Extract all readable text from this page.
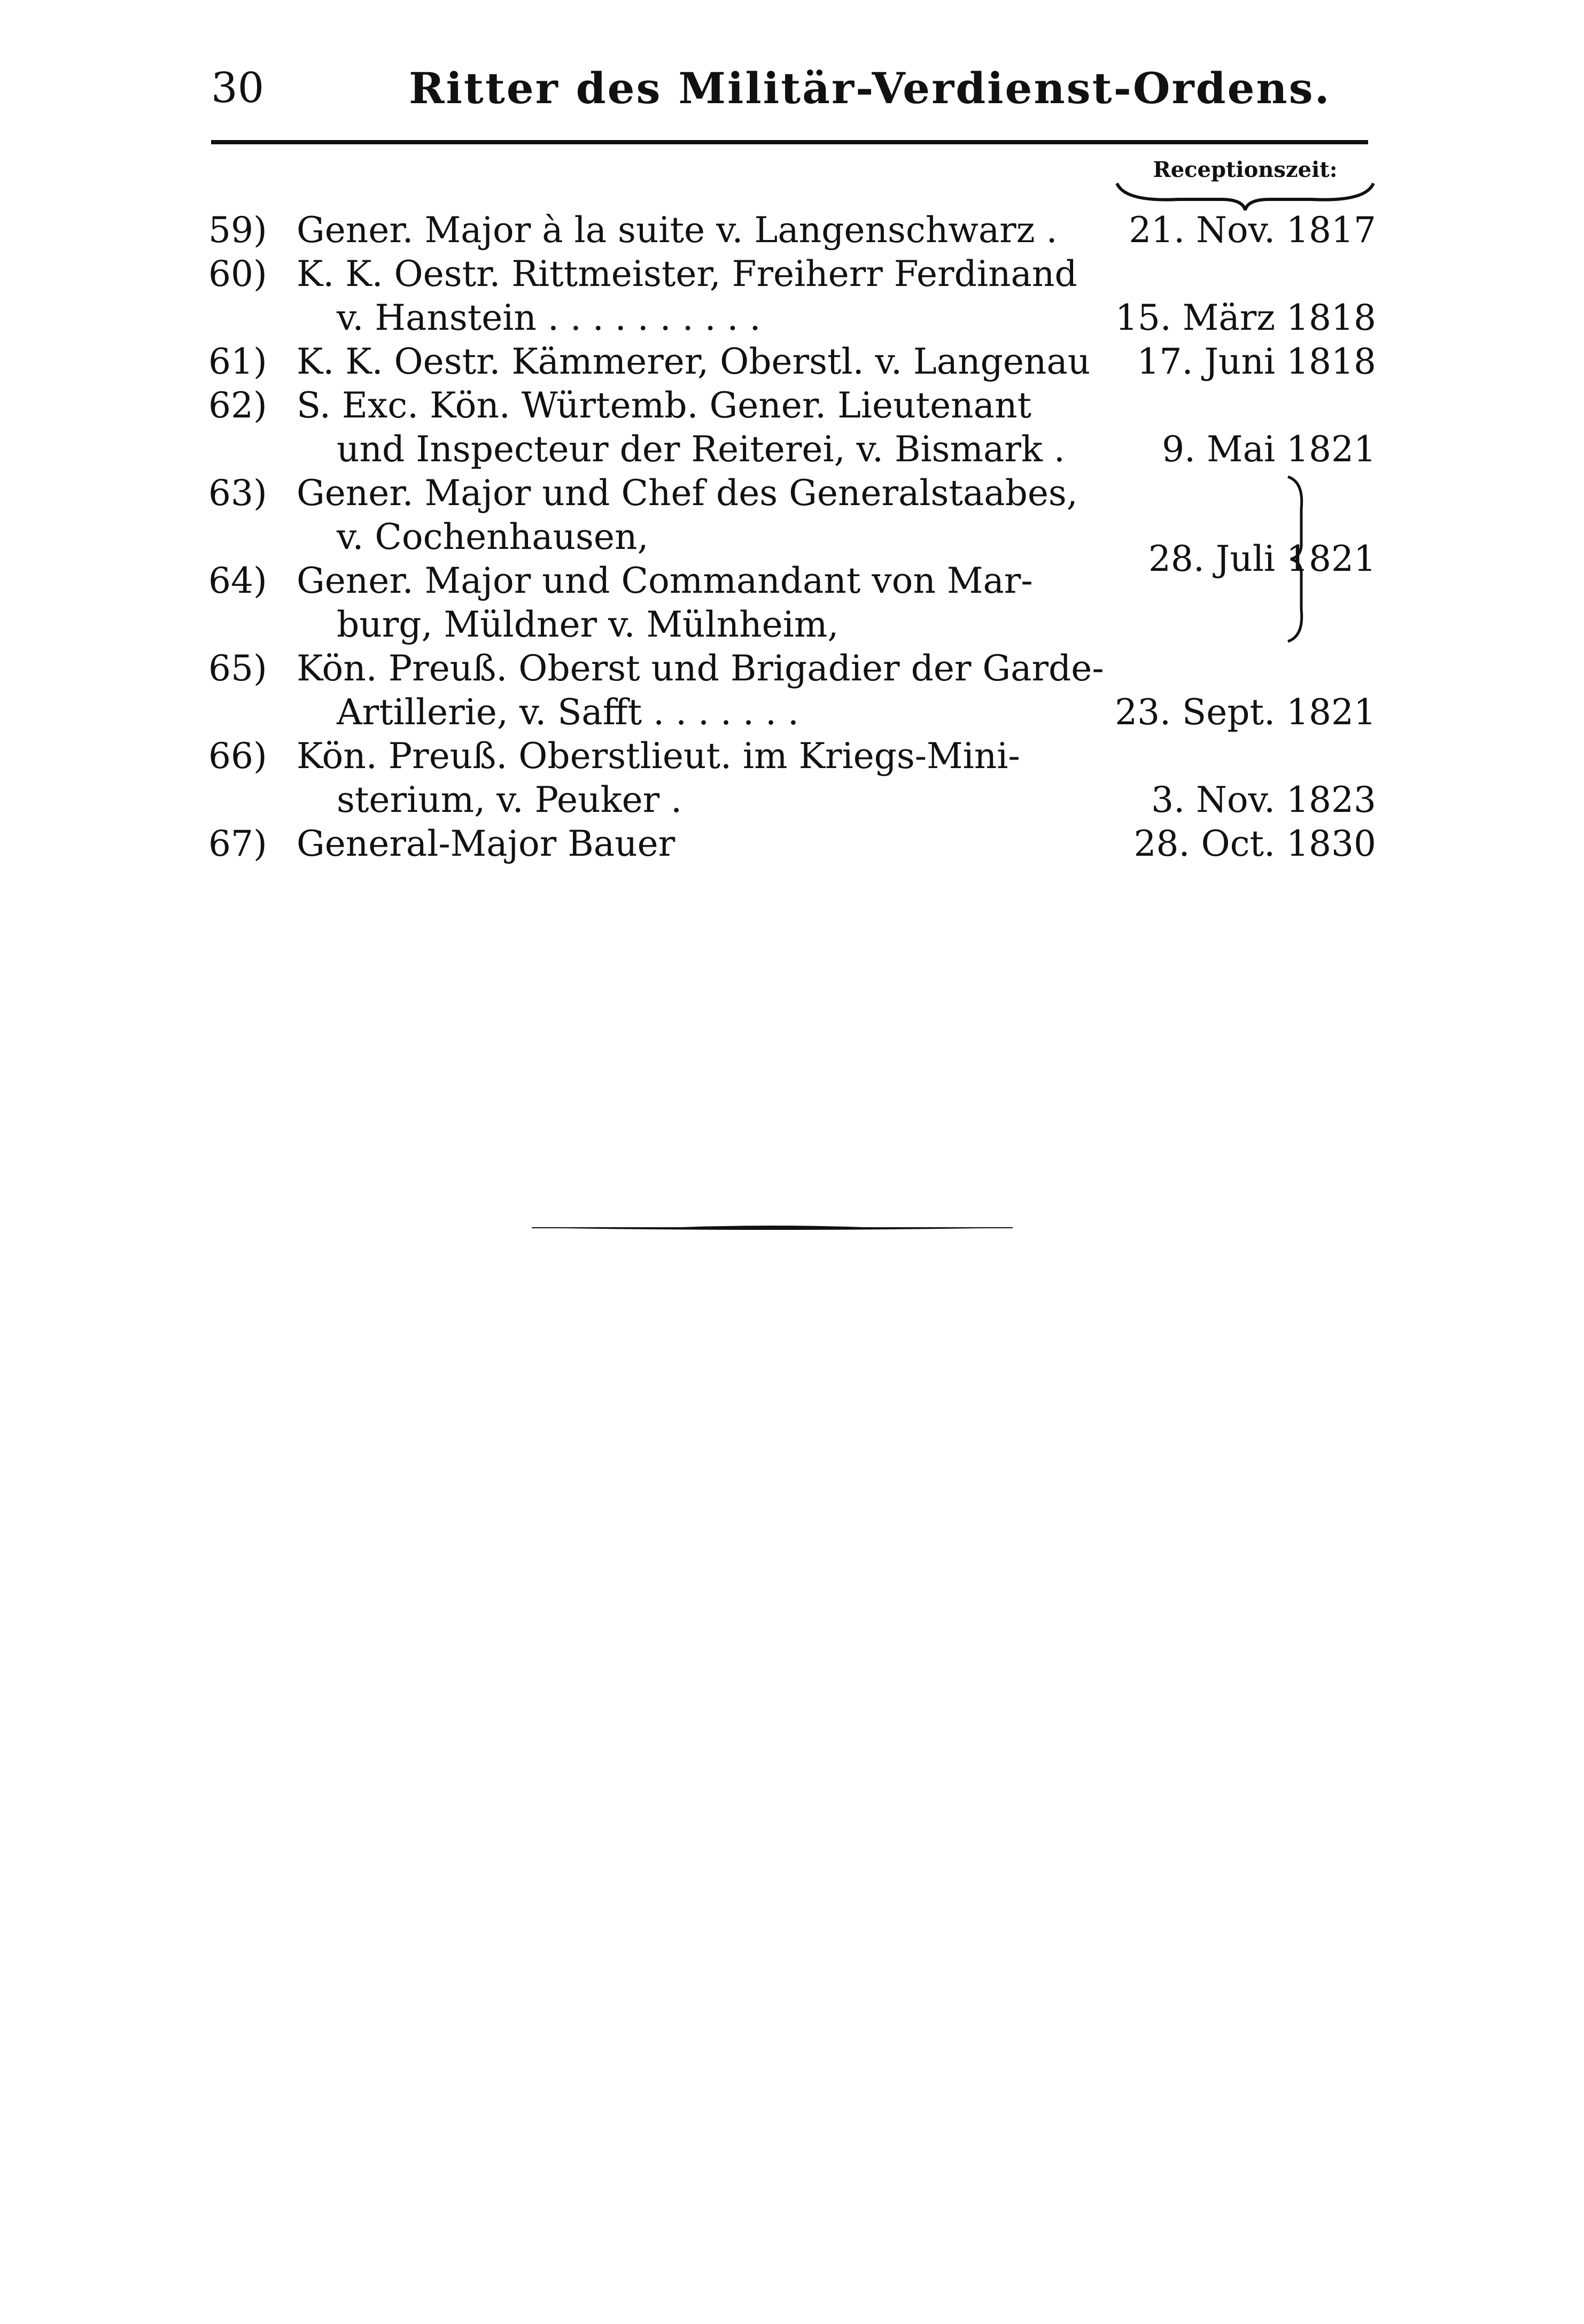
30	Ritter des Militär-Verdienst-Ordens.
Receptionszeit:
59) Gener. Major à la suite v. Langenschwarz . 21. Nov. 1817
60) K. K. Oestr. Rittmeister, Freiherr Ferdinand
v. Hanstein . . . . . . . . . .	15. März 1818
61) K. K. Oestr. Kämmerer, Oberstl. v. Langenau 17. Juni 1818
62) S. Exc. Kön. Würtemb. Gener. Lieutenant
und Inspecteur der Reiterei, v. Bismark .	9. Mai 1821
63) Gener. Major und Chef des Generalstaabes,
v. Cochenhausen,
64) Gener. Major und Commandant von Mar-
burg, Müldner v. Mülnheim,
28. Juli 1821
65) Kön. Preuß. Oberst und Brigadier der Garde-
Artillerie, v. Safft . . . . . . .	23. Sept. 1821
66) Kön. Preuß. Oberstlieut. im Kriegs-Mini-
sterium, v. Peuker .	3. Nov. 1823
67) General-Major Bauer	28. Oct. 1830
